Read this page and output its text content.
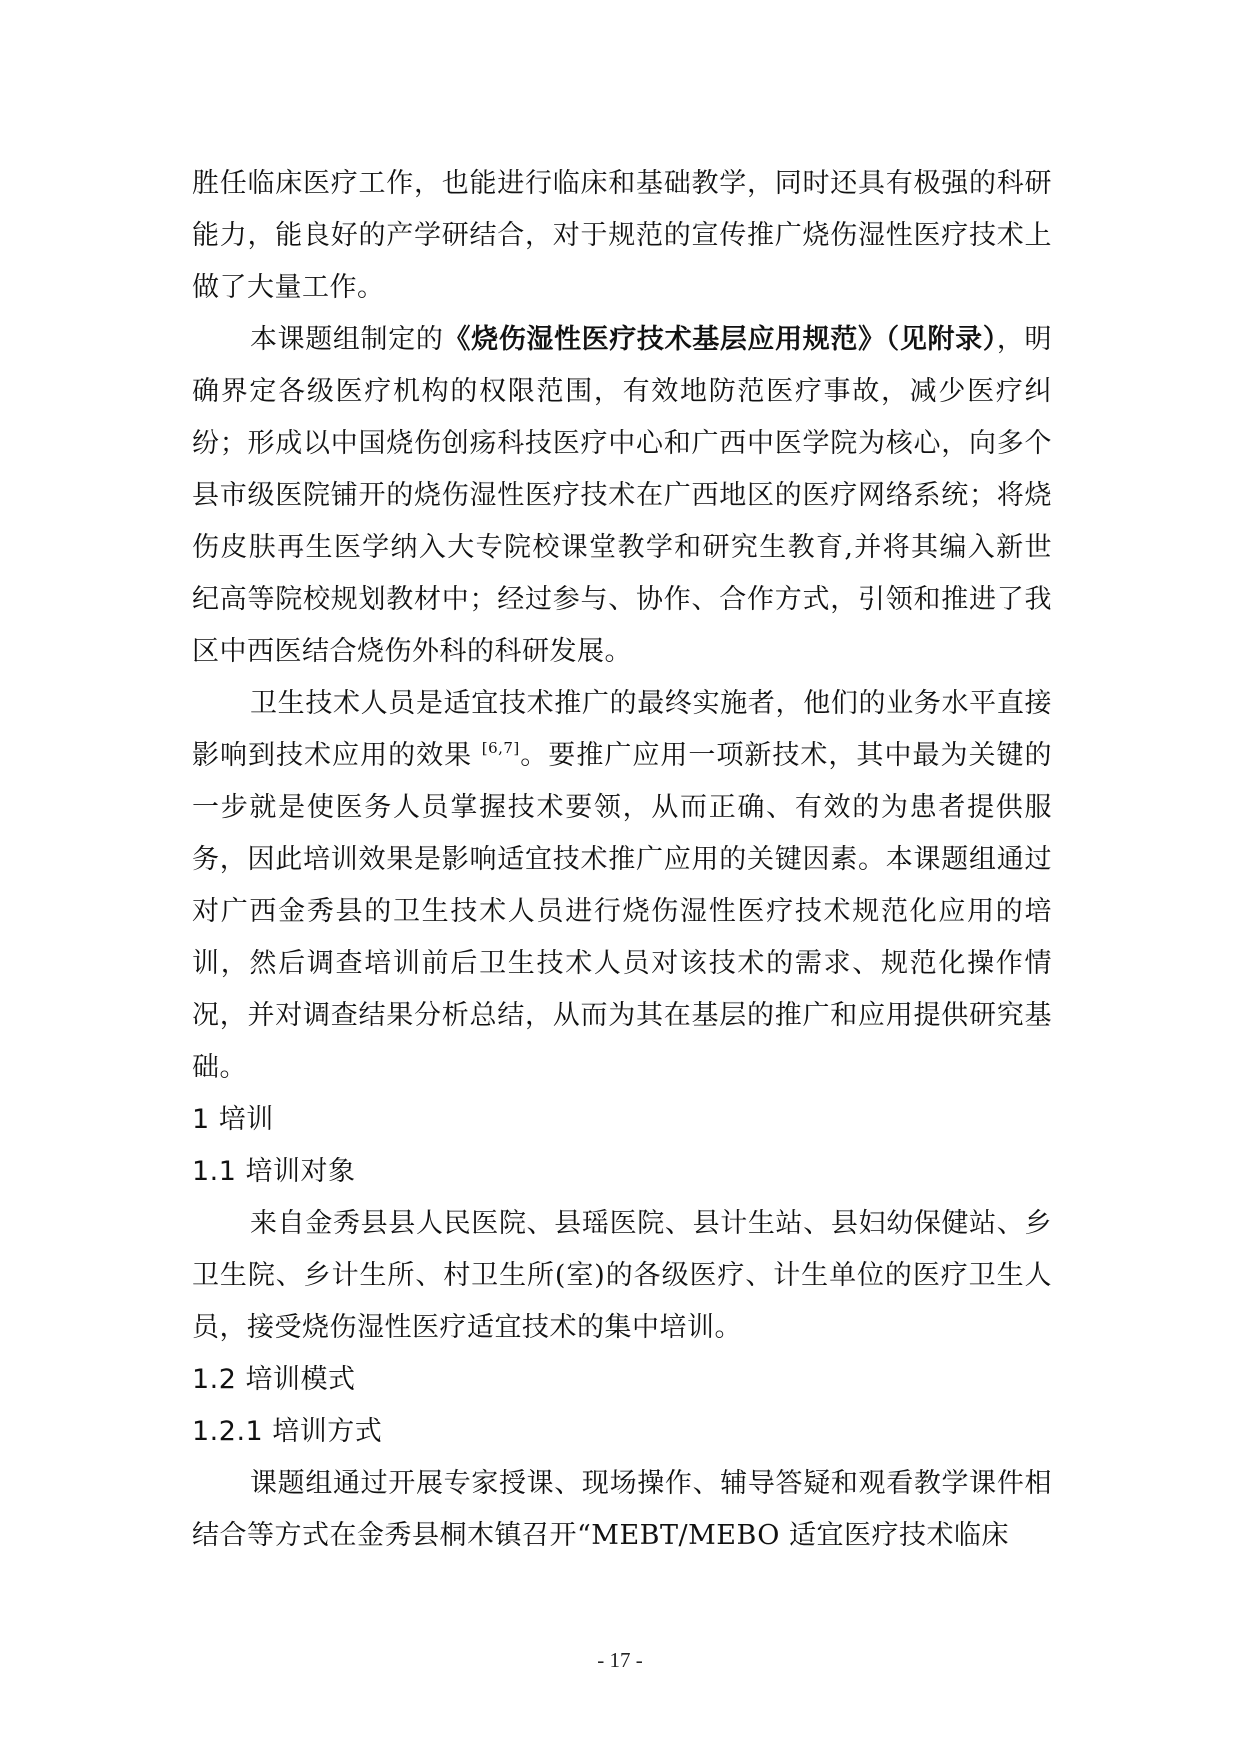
胜任临床医疗工作，也能进行临床和基础教学，同时还具有极强的科研能力，能良好的产学研结合，对于规范的宣传推广烧伤湿性医疗技术上做了大量工作。

本课题组制定的《烧伤湿性医疗技术基层应用规范》（见附录），明确界定各级医疗机构的权限范围，有效地防范医疗事故，减少医疗纠纷；形成以中国烧伤创疡科技医疗中心和广西中医学院为核心，向多个县市级医院铺开的烧伤湿性医疗技术在广西地区的医疗网络系统；将烧伤皮肤再生医学纳入大专院校课堂教学和研究生教育,并将其编入新世纪高等院校规划教材中；经过参与、协作、合作方式，引领和推进了我区中西医结合烧伤外科的科研发展。

卫生技术人员是适宜技术推广的最终实施者，他们的业务水平直接影响到技术应用的效果 [6,7]。要推广应用一项新技术，其中最为关键的一步就是使医务人员掌握技术要领，从而正确、有效的为患者提供服务，因此培训效果是影响适宜技术推广应用的关键因素。本课题组通过对广西金秀县的卫生技术人员进行烧伤湿性医疗技术规范化应用的培训，然后调查培训前后卫生技术人员对该技术的需求、规范化操作情况，并对调查结果分析总结，从而为其在基层的推广和应用提供研究基础。

1 培训

1.1 培训对象

来自金秀县县人民医院、县瑶医院、县计生站、县妇幼保健站、乡卫生院、乡计生所、村卫生所(室)的各级医疗、计生单位的医疗卫生人员，接受烧伤湿性医疗适宜技术的集中培训。

1.2 培训模式

1.2.1 培训方式

课题组通过开展专家授课、现场操作、辅导答疑和观看教学课件相结合等方式在金秀县桐木镇召开“MEBT/MEBO 适宜医疗技术临床

- 17 -
